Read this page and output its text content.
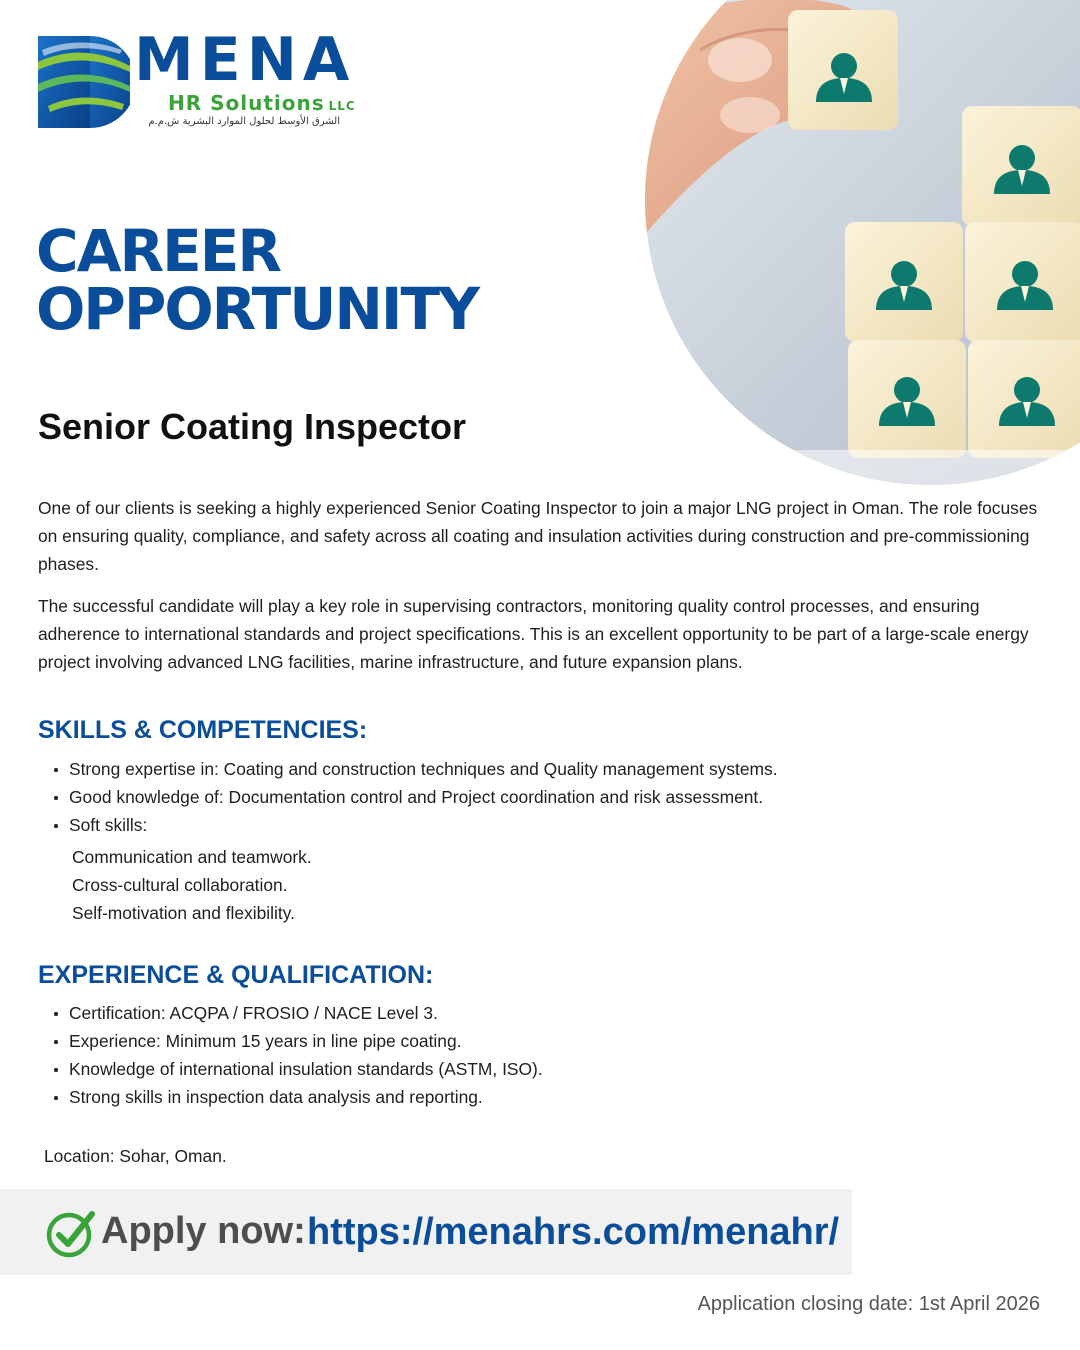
MENA
HR Solutions LLC
الشرق الأوسط لحلول الموارد البشرية ش.م.م
CAREER
OPPORTUNITY
Senior Coating Inspector

One of our clients is seeking a highly experienced Senior Coating Inspector to join a major LNG project in Oman. The role focuses on ensuring quality, compliance, and safety across all coating and insulation activities during construction and pre-commissioning phases.

The successful candidate will play a key role in supervising contractors, monitoring quality control processes, and ensuring adherence to international standards and project specifications. This is an excellent opportunity to be part of a large-scale energy project involving advanced LNG facilities, marine infrastructure, and future expansion plans.

SKILLS & COMPETENCIES:
Strong expertise in: Coating and construction techniques and Quality management systems.
Good knowledge of: Documentation control and Project coordination and risk assessment.
Soft skills:
Communication and teamwork.
Cross-cultural collaboration.
Self-motivation and flexibility.
EXPERIENCE & QUALIFICATION:
Certification: ACQPA / FROSIO / NACE Level 3.
Experience: Minimum 15 years in line pipe coating.
Knowledge of international insulation standards (ASTM, ISO).
Strong skills in inspection data analysis and reporting.
Location: Sohar, Oman.
Apply now: https://menahrs.com/menahr/
Application closing date: 1st April 2026
